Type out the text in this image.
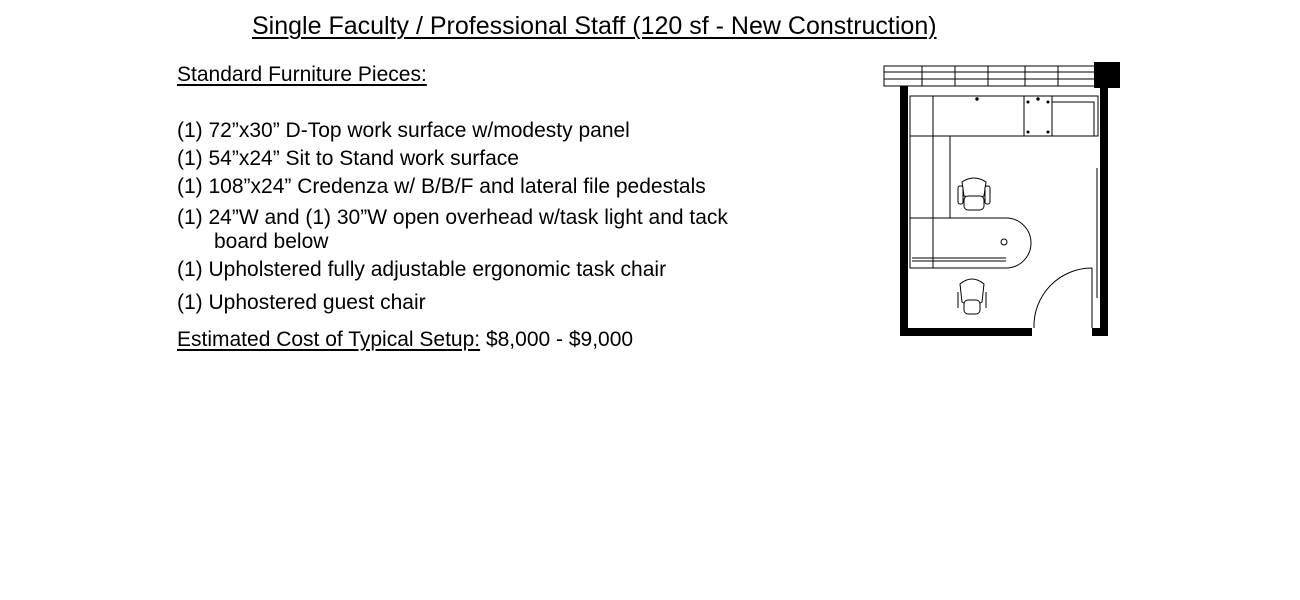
Single Faculty / Professional Staff (120 sf - New Construction)
Standard Furniture Pieces:
(1) 72”x30” D-Top work surface w/modesty panel
(1) 54”x24” Sit to Stand work surface
(1) 108”x24” Credenza w/ B/B/F and lateral file pedestals
(1) 24”W and (1) 30”W open overhead w/task light and tack
board below
(1) Upholstered fully adjustable ergonomic task chair
(1) Uphostered guest chair
Estimated Cost of Typical Setup: $8,000 - $9,000
